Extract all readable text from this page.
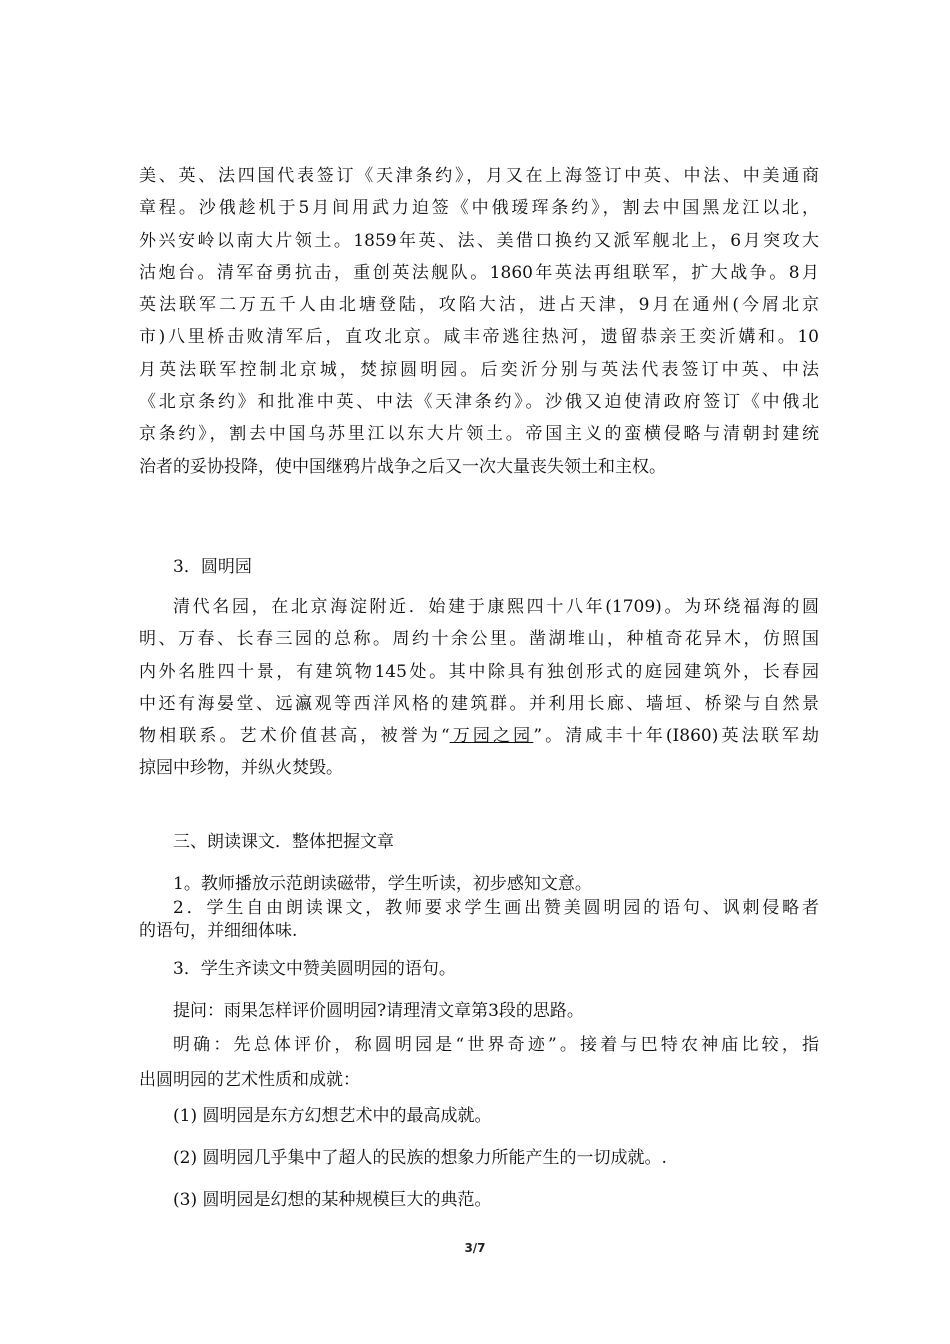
美、英、法四国代表签订《天津条约》，月又在上海签订中英、中法、中美通商
章程。沙俄趁机于5月间用武力迫签《中俄瑷珲条约》，割去中国黑龙江以北，
外兴安岭以南大片领土。1859年英、法、美借口换约又派军舰北上，6月突攻大
沽炮台。清军奋勇抗击，重创英法舰队。1860年英法再组联军，扩大战争。8月
英法联军二万五千人由北塘登陆，攻陷大沽，进占天津，9月在通州(今屑北京
市)八里桥击败清军后，直攻北京。咸丰帝逃往热河，遗留恭亲王奕沂媾和。10
月英法联军控制北京城，焚掠圆明园。后奕沂分别与英法代表签订中英、中法
《北京条约》和批准中英、中法《天津条约》。沙俄又迫使清政府签订《中俄北
京条约》，割去中国乌苏里江以东大片领土。帝国主义的蛮横侵略与清朝封建统
治者的妥协投降，使中国继鸦片战争之后又一次大量丧失领土和主权。
3．圆明园
清代名园，在北京海淀附近．始建于康熙四十八年(1709)。为环绕福海的圆
明、万春、长春三园的总称。周约十余公里。凿湖堆山，种植奇花异木，仿照国
内外名胜四十景，有建筑物145处。其中除具有独创形式的庭园建筑外，长春园
中还有海晏堂、远瀛观等西洋风格的建筑群。并利用长廊、墙垣、桥梁与自然景
物相联系。艺术价值甚高，被誉为“万园之园”。清咸丰十年(I860)英法联军劫
掠园中珍物，并纵火焚毁。
三、朗读课文．整体把握文章
1。教师播放示范朗读磁带，学生听读，初步感知文意。
2．学生自由朗读课文，教师要求学生画出赞美圆明园的语句、讽刺侵略者
的语句，并细细体味.
3．学生齐读文中赞美圆明园的语句。
提问：雨果怎样评价圆明园?请理清文章第3段的思路。
明确：先总体评价，称圆明园是“世界奇迹”。接着与巴特农神庙比较，指
出圆明园的艺术性质和成就：
(1) 圆明园是东方幻想艺术中的最高成就。
(2) 圆明园几乎集中了超人的民族的想象力所能产生的一切成就。.
(3) 圆明园是幻想的某种规模巨大的典范。
3/7
